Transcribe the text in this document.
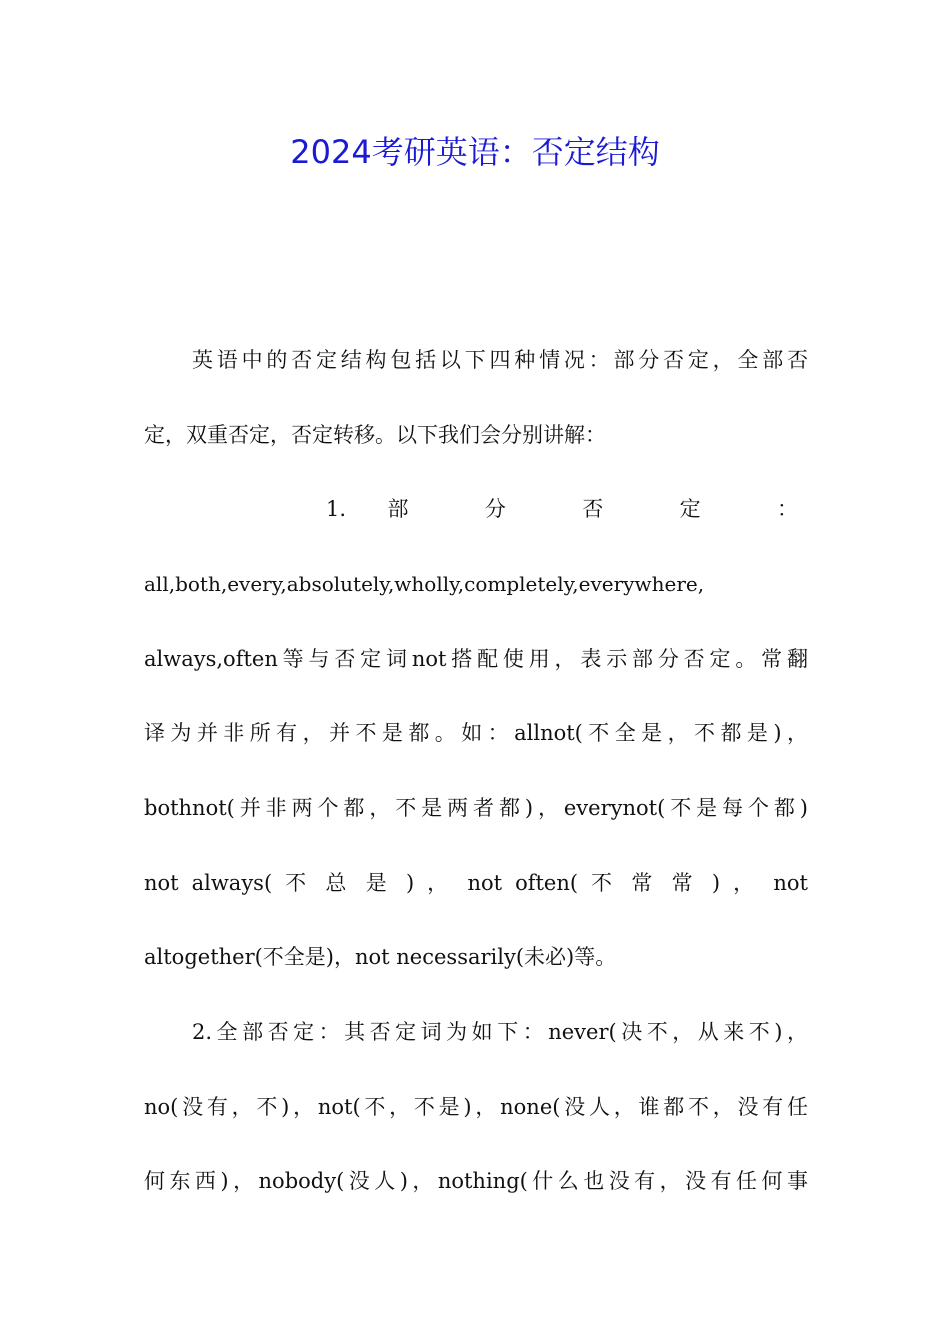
2024考研英语：否定结构
英语中的否定结构包括以下四种情况：部分否定，全部否
定，双重否定，否定转移。以下我们会分别讲解：
1. 部 分 否 定 ：
all,both,every,absolutely,wholly,completely,everywhere,
always,often等与否定词not搭配使用，表示部分否定。常翻
译为并非所有，并不是都。如：allnot(不全是，不都是)，
bothnot(并非两个都，不是两者都)，everynot(不是每个都)
not always( 不 总 是 ) ， not often( 不 常 常 ) ， not
altogether(不全是)，not necessarily(未必)等。
2.全部否定：其否定词为如下：never(决不，从来不)，
no(没有，不)，not(不，不是)，none(没人，谁都不，没有任
何东西)，nobody(没人)，nothing(什么也没有，没有任何事
